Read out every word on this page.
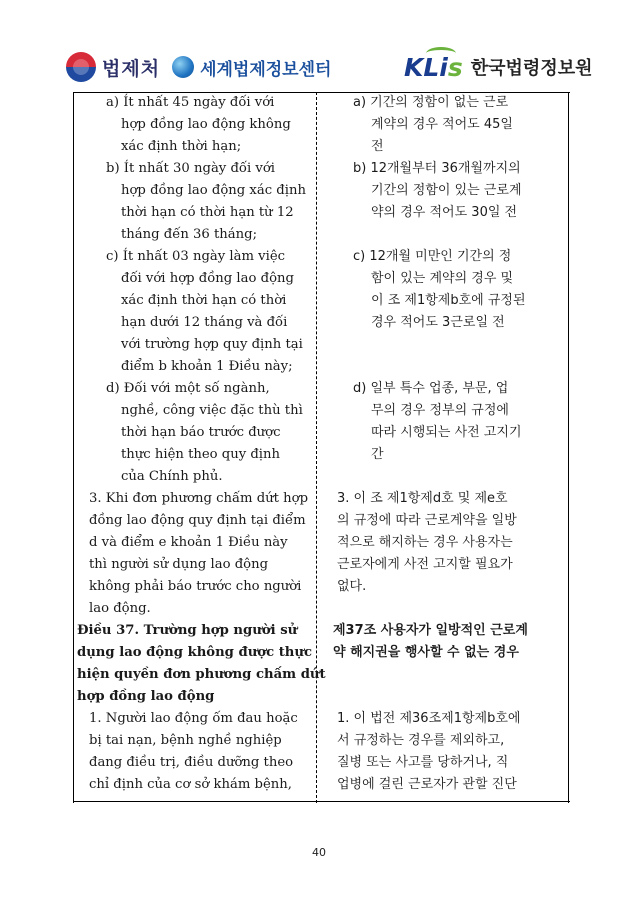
법제처 세계법제정보센터	KLis 한국법령정보원
a) Ít nhất 45 ngày đối với
hợp đồng lao động không
xác định thời hạn;
b) Ít nhất 30 ngày đối với
hợp đồng lao động xác định
thời hạn có thời hạn từ 12
tháng đến 36 tháng;
c) Ít nhất 03 ngày làm việc
đối với hợp đồng lao động
xác định thời hạn có thời
hạn dưới 12 tháng và đối
với trường hợp quy định tại
điểm b khoản 1 Điều này;
d) Đối với một số ngành,
nghề, công việc đặc thù thì
thời hạn báo trước được
thực hiện theo quy định
của Chính phủ.
3. Khi đơn phương chấm dứt hợp
đồng lao động quy định tại điểm
d và điểm e khoản 1 Điều này
thì người sử dụng lao động
không phải báo trước cho người
lao động.
a) 기간의 정함이 없는 근로
계약의 경우 적어도 45일
전
b) 12개월부터 36개월까지의
기간의 정함이 있는 근로계
약의 경우 적어도 30일 전
c) 12개월 미만인 기간의 정
함이 있는 계약의 경우 및
이 조 제1항제b호에 규정된
경우 적어도 3근로일 전
d) 일부 특수 업종, 부문, 업
무의 경우 정부의 규정에
따라 시행되는 사전 고지기
간
3. 이 조 제1항제d호 및 제e호
의 규정에 따라 근로계약을 일방
적으로 해지하는 경우 사용자는
근로자에게 사전 고지할 필요가
없다.
Điều 37. Trường hợp người sử
dụng lao động không được thực
hiện quyền đơn phương chấm dứt
hợp đồng lao động
제37조 사용자가 일방적인 근로계
약 해지권을 행사할 수 없는 경우
1. Người lao động ốm đau hoặc
bị tai nạn, bệnh nghề nghiệp
đang điều trị, điều dưỡng theo
chỉ định của cơ sở khám bệnh,
1. 이 법전 제36조제1항제b호에
서 규정하는 경우를 제외하고,
질병 또는 사고를 당하거나, 직
업병에 걸린 근로자가 관할 진단
40
